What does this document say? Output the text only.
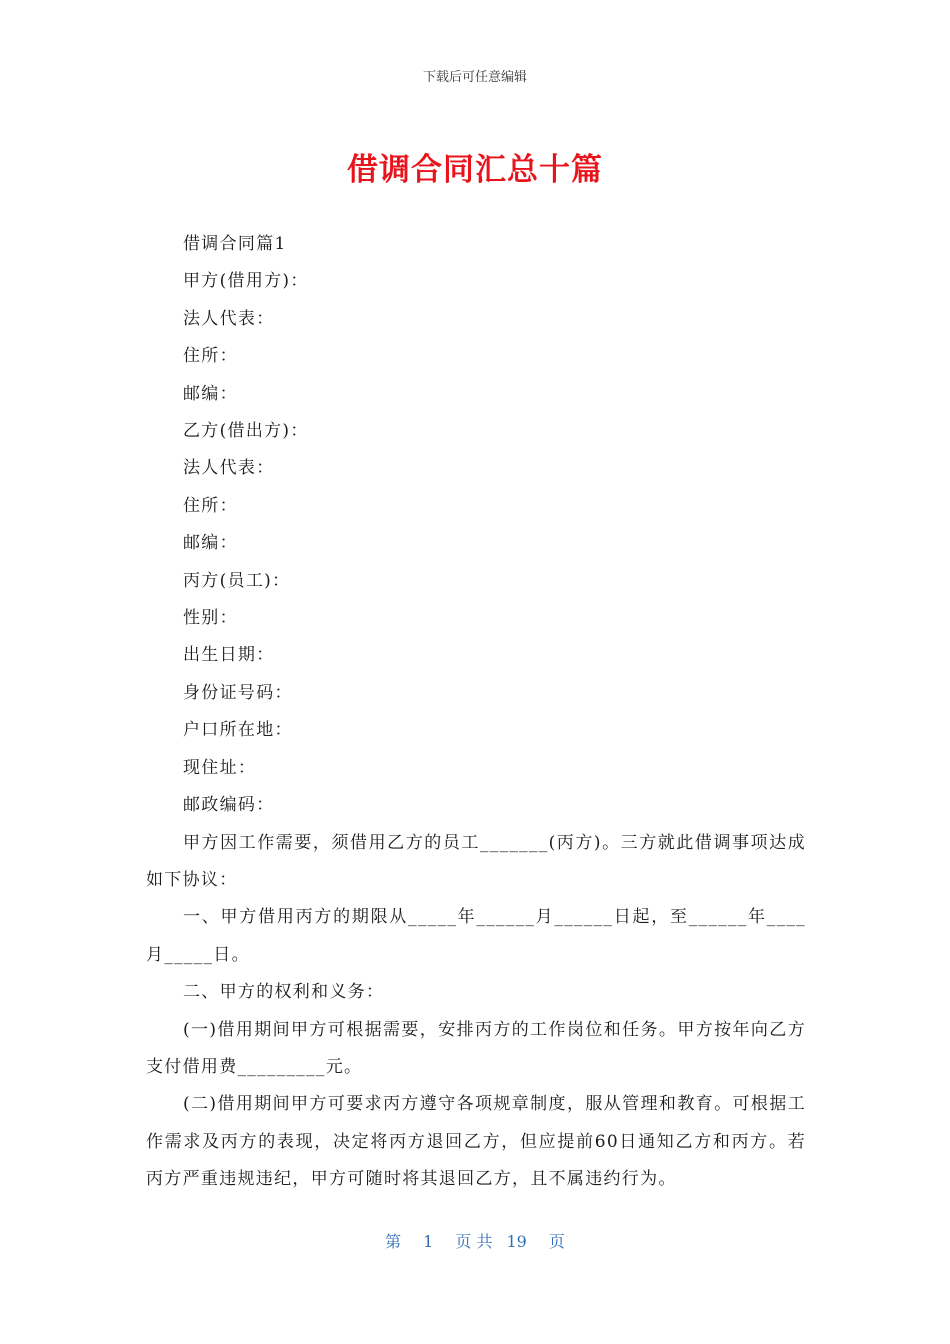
下载后可任意编辑
借调合同汇总十篇

借调合同篇1

甲方(借用方)：

法人代表：

住所：

邮编：

乙方(借出方)：

法人代表：

住所：

邮编：

丙方(员工)：

性别：

出生日期：

身份证号码：

户口所在地：

现住址：

邮政编码：

甲方因工作需要，须借用乙方的员工_______(丙方)。三方就此借调事项达成如下协议：

一、甲方借用丙方的期限从_____年______月______日起，至______年____月_____日。

二、甲方的权利和义务：

(一)借用期间甲方可根据需要，安排丙方的工作岗位和任务。甲方按年向乙方支付借用费_________元。

(二)借用期间甲方可要求丙方遵守各项规章制度，服从管理和教育。可根据工作需求及丙方的表现，决定将丙方退回乙方，但应提前60日通知乙方和丙方。若丙方严重违规违纪，甲方可随时将其退回乙方，且不属违约行为。

第 1 页 共 19 页
